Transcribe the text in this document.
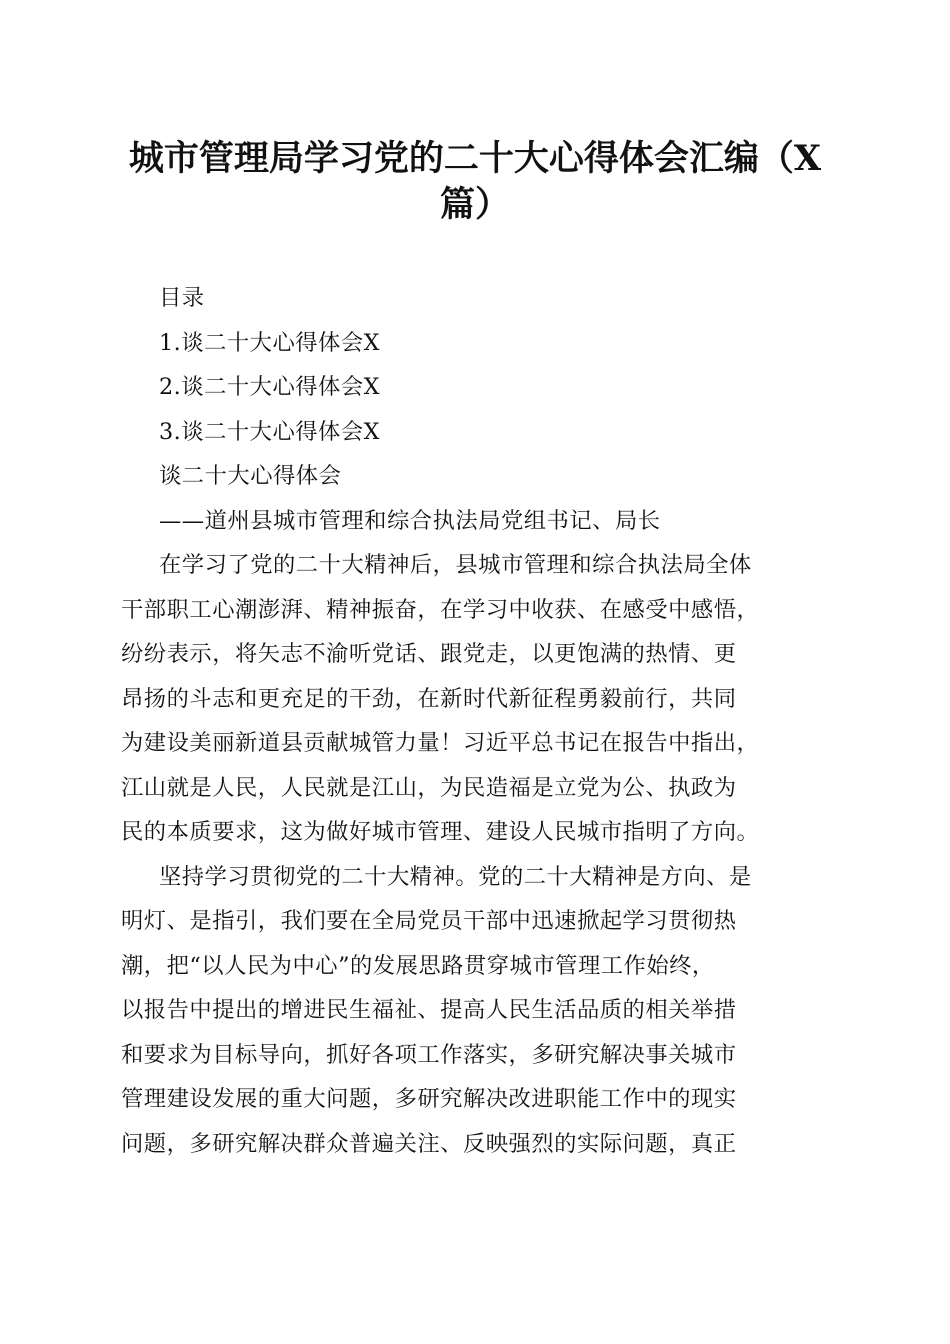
城市管理局学习党的二十大心得体会汇编（X
篇）
目录
1.谈二十大心得体会X
2.谈二十大心得体会X
3.谈二十大心得体会X
谈二十大心得体会
——道州县城市管理和综合执法局党组书记、局长
在学习了党的二十大精神后，县城市管理和综合执法局全体
干部职工心潮澎湃、精神振奋，在学习中收获、在感受中感悟，
纷纷表示，将矢志不渝听党话、跟党走，以更饱满的热情、更
昂扬的斗志和更充足的干劲，在新时代新征程勇毅前行，共同
为建设美丽新道县贡献城管力量！习近平总书记在报告中指出，
江山就是人民，人民就是江山，为民造福是立党为公、执政为
民的本质要求，这为做好城市管理、建设人民城市指明了方向。
坚持学习贯彻党的二十大精神。党的二十大精神是方向、是
明灯、是指引，我们要在全局党员干部中迅速掀起学习贯彻热
潮，把“以人民为中心”的发展思路贯穿城市管理工作始终，
以报告中提出的增进民生福祉、提高人民生活品质的相关举措
和要求为目标导向，抓好各项工作落实，多研究解决事关城市
管理建设发展的重大问题，多研究解决改进职能工作中的现实
问题，多研究解决群众普遍关注、反映强烈的实际问题，真正
